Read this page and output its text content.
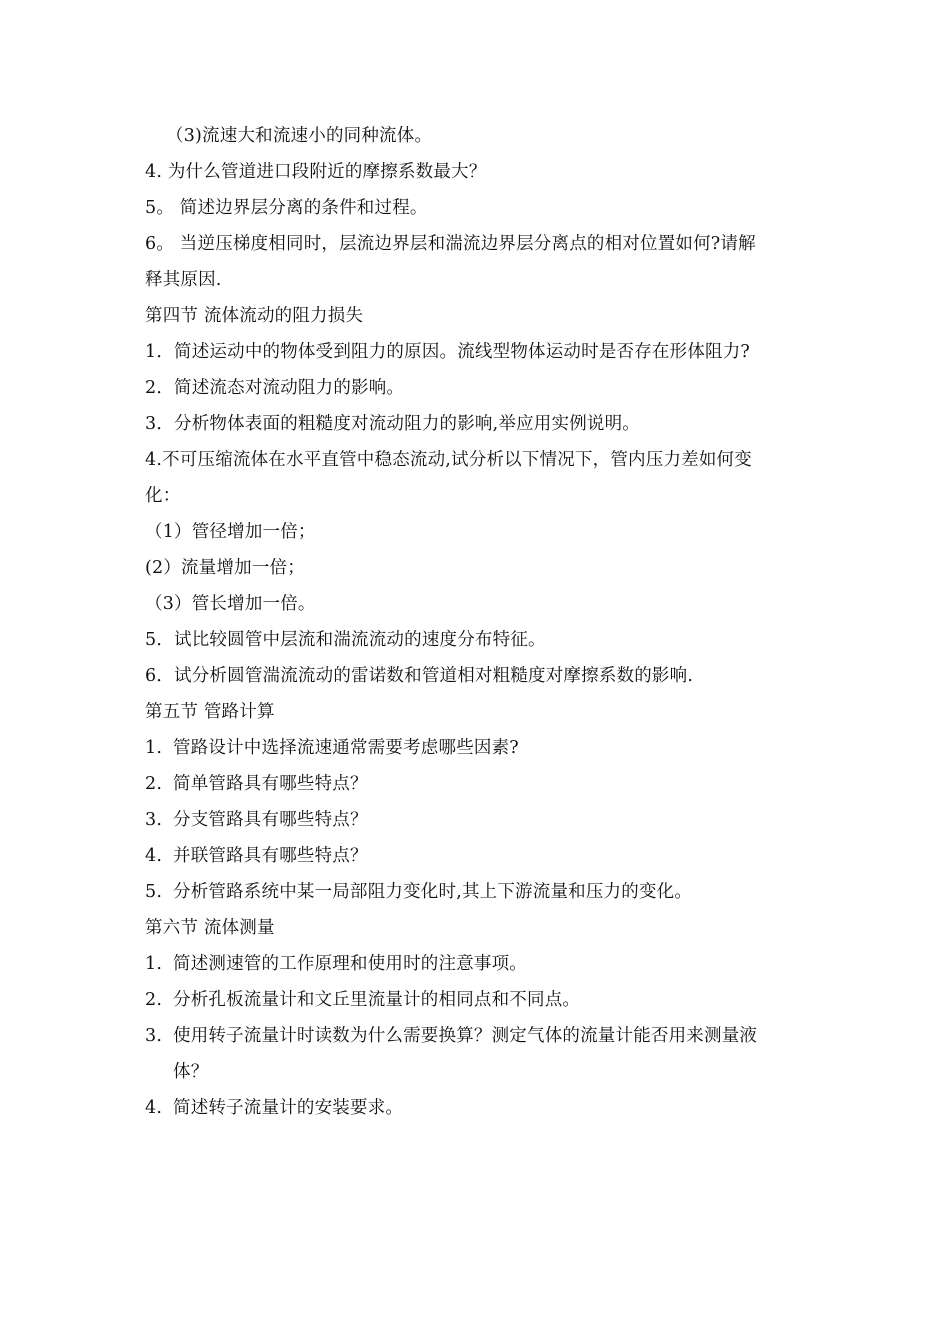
（3)流速大和流速小的同种流体。
4. 为什么管道进口段附近的摩擦系数最大？
5。 简述边界层分离的条件和过程。
6。 当逆压梯度相同时，层流边界层和湍流边界层分离点的相对位置如何?请解
释其原因.
第四节 流体流动的阻力损失
1．简述运动中的物体受到阻力的原因。流线型物体运动时是否存在形体阻力?
2．简述流态对流动阻力的影响。
3．分析物体表面的粗糙度对流动阻力的影响,举应用实例说明。
4.不可压缩流体在水平直管中稳态流动,试分析以下情况下，管内压力差如何变
化：
（1）管径增加一倍；
(2）流量增加一倍；
（3）管长增加一倍。
5．试比较圆管中层流和湍流流动的速度分布特征。
6．试分析圆管湍流流动的雷诺数和管道相对粗糙度对摩擦系数的影响.
第五节 管路计算
1. 管路设计中选择流速通常需要考虑哪些因素?
2. 简单管路具有哪些特点？
3. 分支管路具有哪些特点？
4. 并联管路具有哪些特点？
5. 分析管路系统中某一局部阻力变化时,其上下游流量和压力的变化。
第六节 流体测量
1. 简述测速管的工作原理和使用时的注意事项。
2. 分析孔板流量计和文丘里流量计的相同点和不同点。
3. 使用转子流量计时读数为什么需要换算？测定气体的流量计能否用来测量液
体？
4. 简述转子流量计的安装要求。
